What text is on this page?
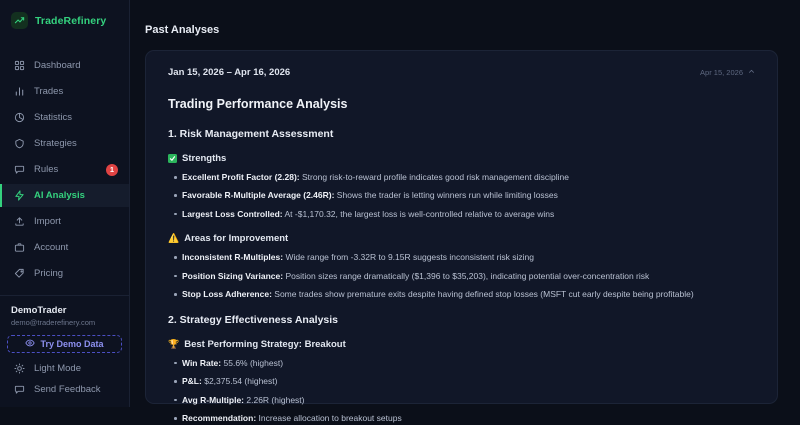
TradeRefinery
Dashboard
Trades
Statistics
Strategies
Rules	1
AI Analysis
Import
Account
Pricing
DemoTrader
demo@traderefinery.com
Try Demo Data
Light Mode
Send Feedback
Past Analyses
Jan 15, 2026 – Apr 16, 2026	Apr 15, 2026
Trading Performance Analysis
1. Risk Management Assessment
Strengths
Excellent Profit Factor (2.28): Strong risk-to-reward profile indicates good risk management discipline
Favorable R-Multiple Average (2.46R): Shows the trader is letting winners run while limiting losses
Largest Loss Controlled: At -$1,170.32, the largest loss is well-controlled relative to average wins
⚠️ Areas for Improvement
Inconsistent R-Multiples: Wide range from -3.32R to 9.15R suggests inconsistent risk sizing
Position Sizing Variance: Position sizes range dramatically ($1,396 to $35,203), indicating potential over-concentration risk
Stop Loss Adherence: Some trades show premature exits despite having defined stop losses (MSFT cut early despite being profitable)
2. Strategy Effectiveness Analysis
🏆 Best Performing Strategy: Breakout
Win Rate: 55.6% (highest)
P&L: $2,375.54 (highest)
Avg R-Multiple: 2.26R (highest)
Recommendation: Increase allocation to breakout setups
